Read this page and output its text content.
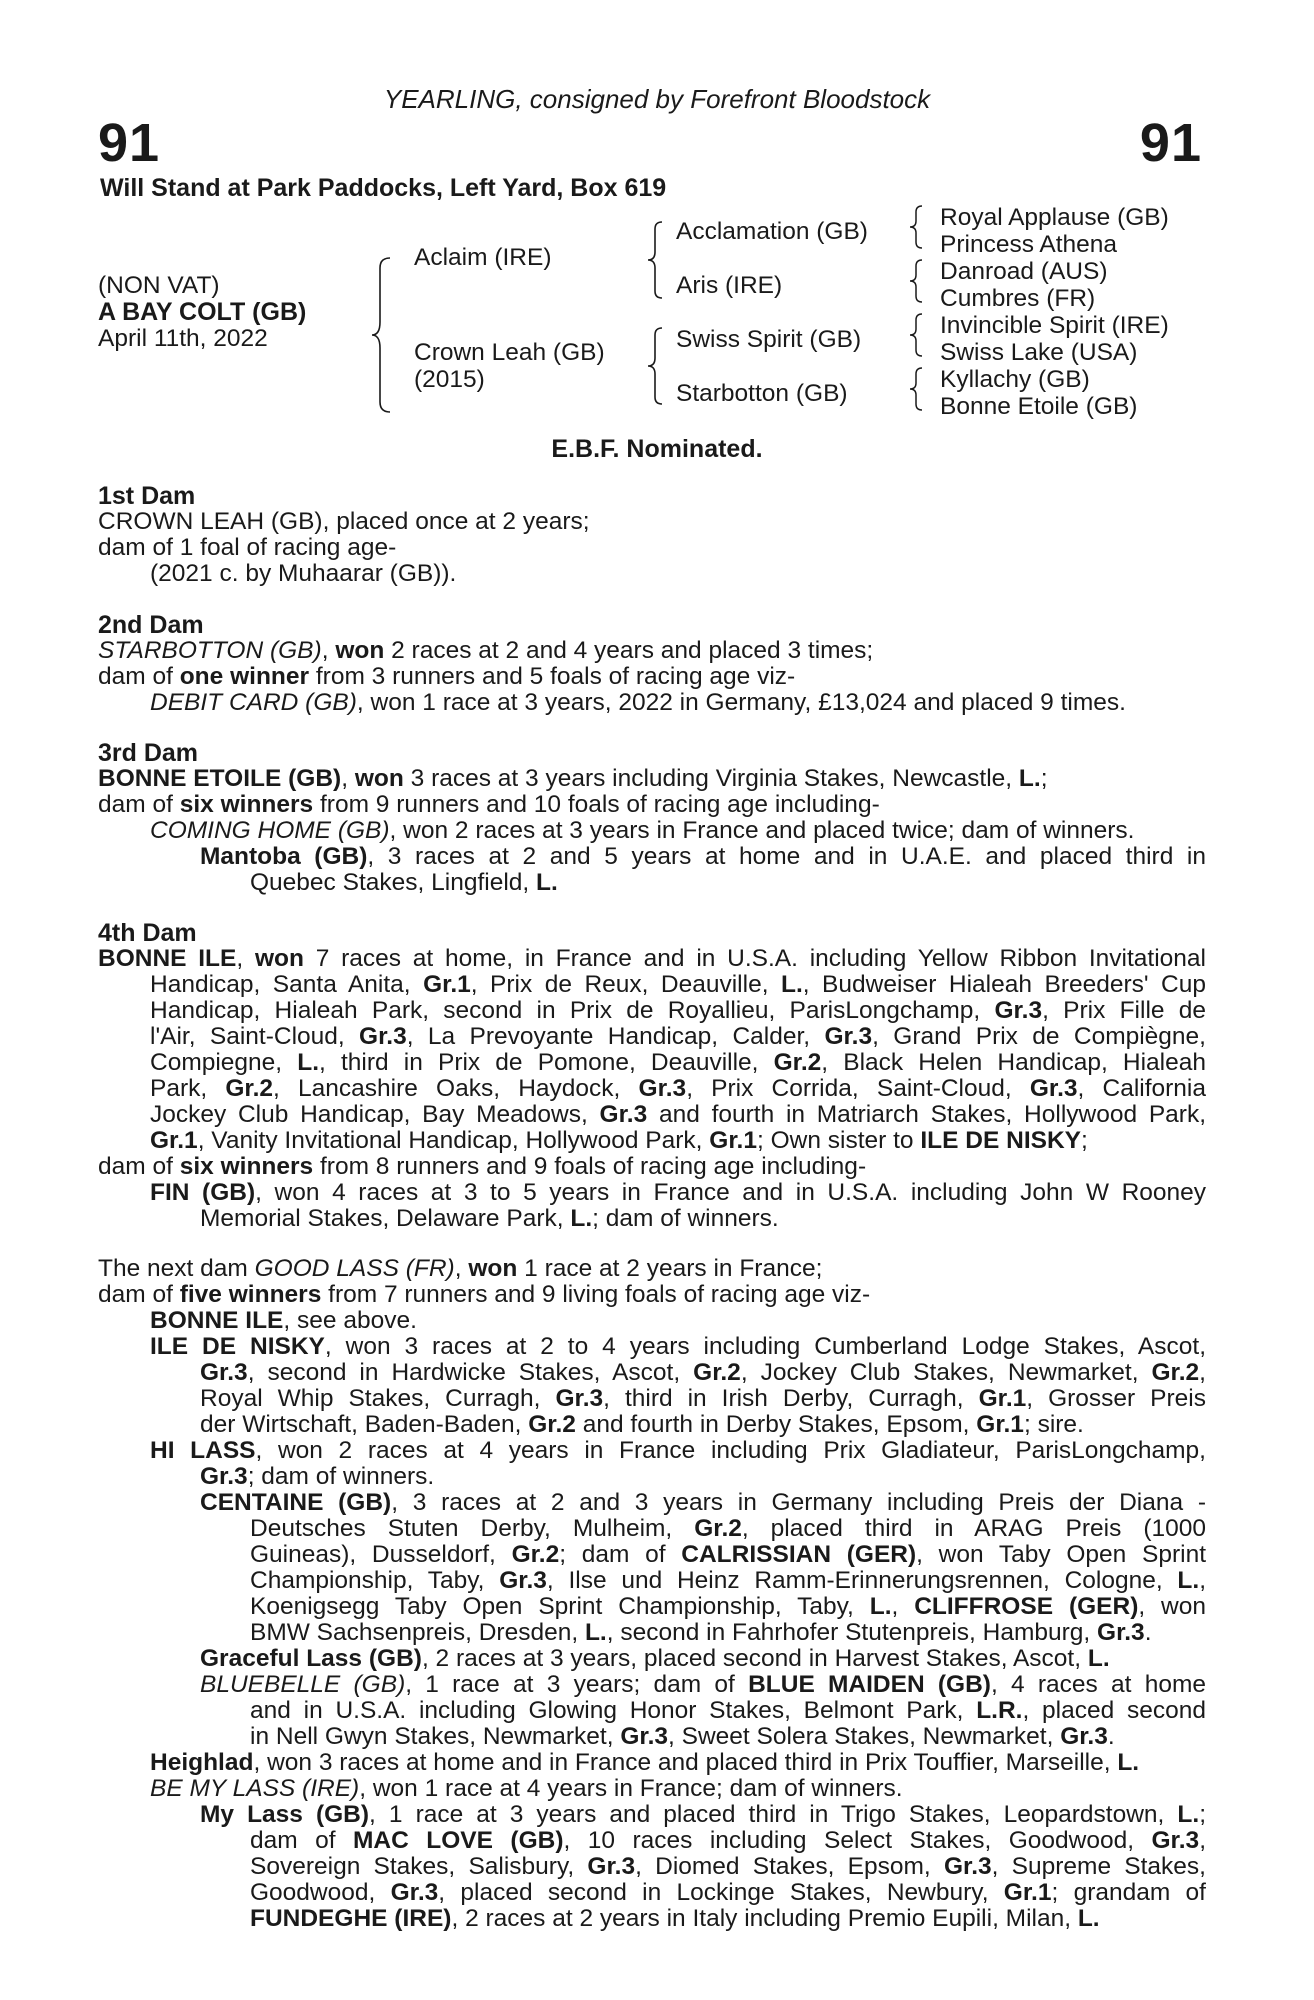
YEARLING, consigned by Forefront Bloodstock
91	91
Will Stand at Park Paddocks, Left Yard, Box 619
(NON VAT)
A BAY COLT (GB)
April 11th, 2022
Aclaim (IRE)
Crown Leah (GB)
(2015)
Acclamation (GB)
Aris (IRE)
Swiss Spirit (GB)
Starbotton (GB)
Royal Applause (GB)
Princess Athena
Danroad (AUS)
Cumbres (FR)
Invincible Spirit (IRE)
Swiss Lake (USA)
Kyllachy (GB)
Bonne Etoile (GB)
E.B.F. Nominated.
1st Dam
CROWN LEAH (GB), placed once at 2 years;
dam of 1 foal of racing age-
(2021 c. by Muhaarar (GB)).
2nd Dam
STARBOTTON (GB), won 2 races at 2 and 4 years and placed 3 times;
dam of one winner from 3 runners and 5 foals of racing age viz-
DEBIT CARD (GB), won 1 race at 3 years, 2022 in Germany, £13,024 and placed 9 times.
3rd Dam
BONNE ETOILE (GB), won 3 races at 3 years including Virginia Stakes, Newcastle, L.;
dam of six winners from 9 runners and 10 foals of racing age including-
COMING HOME (GB), won 2 races at 3 years in France and placed twice; dam of winners.
Mantoba (GB), 3 races at 2 and 5 years at home and in U.A.E. and placed third in
Quebec Stakes, Lingfield, L.
4th Dam
BONNE ILE, won 7 races at home, in France and in U.S.A. including Yellow Ribbon Invitational
Handicap, Santa Anita, Gr.1, Prix de Reux, Deauville, L., Budweiser Hialeah Breeders' Cup
Handicap, Hialeah Park, second in Prix de Royallieu, ParisLongchamp, Gr.3, Prix Fille de
l'Air, Saint-Cloud, Gr.3, La Prevoyante Handicap, Calder, Gr.3, Grand Prix de Compiègne,
Compiegne, L., third in Prix de Pomone, Deauville, Gr.2, Black Helen Handicap, Hialeah
Park, Gr.2, Lancashire Oaks, Haydock, Gr.3, Prix Corrida, Saint-Cloud, Gr.3, California
Jockey Club Handicap, Bay Meadows, Gr.3 and fourth in Matriarch Stakes, Hollywood Park,
Gr.1, Vanity Invitational Handicap, Hollywood Park, Gr.1; Own sister to ILE DE NISKY;
dam of six winners from 8 runners and 9 foals of racing age including-
FIN (GB), won 4 races at 3 to 5 years in France and in U.S.A. including John W Rooney
Memorial Stakes, Delaware Park, L.; dam of winners.
The next dam GOOD LASS (FR), won 1 race at 2 years in France;
dam of five winners from 7 runners and 9 living foals of racing age viz-
BONNE ILE, see above.
ILE DE NISKY, won 3 races at 2 to 4 years including Cumberland Lodge Stakes, Ascot,
Gr.3, second in Hardwicke Stakes, Ascot, Gr.2, Jockey Club Stakes, Newmarket, Gr.2,
Royal Whip Stakes, Curragh, Gr.3, third in Irish Derby, Curragh, Gr.1, Grosser Preis
der Wirtschaft, Baden-Baden, Gr.2 and fourth in Derby Stakes, Epsom, Gr.1; sire.
HI LASS, won 2 races at 4 years in France including Prix Gladiateur, ParisLongchamp,
Gr.3; dam of winners.
CENTAINE (GB), 3 races at 2 and 3 years in Germany including Preis der Diana -
Deutsches Stuten Derby, Mulheim, Gr.2, placed third in ARAG Preis (1000
Guineas), Dusseldorf, Gr.2; dam of CALRISSIAN (GER), won Taby Open Sprint
Championship, Taby, Gr.3, Ilse und Heinz Ramm-Erinnerungsrennen, Cologne, L.,
Koenigsegg Taby Open Sprint Championship, Taby, L., CLIFFROSE (GER), won
BMW Sachsenpreis, Dresden, L., second in Fahrhofer Stutenpreis, Hamburg, Gr.3.
Graceful Lass (GB), 2 races at 3 years, placed second in Harvest Stakes, Ascot, L.
BLUEBELLE (GB), 1 race at 3 years; dam of BLUE MAIDEN (GB), 4 races at home
and in U.S.A. including Glowing Honor Stakes, Belmont Park, L.R., placed second
in Nell Gwyn Stakes, Newmarket, Gr.3, Sweet Solera Stakes, Newmarket, Gr.3.
Heighlad, won 3 races at home and in France and placed third in Prix Touffier, Marseille, L.
BE MY LASS (IRE), won 1 race at 4 years in France; dam of winners.
My Lass (GB), 1 race at 3 years and placed third in Trigo Stakes, Leopardstown, L.;
dam of MAC LOVE (GB), 10 races including Select Stakes, Goodwood, Gr.3,
Sovereign Stakes, Salisbury, Gr.3, Diomed Stakes, Epsom, Gr.3, Supreme Stakes,
Goodwood, Gr.3, placed second in Lockinge Stakes, Newbury, Gr.1; grandam of
FUNDEGHE (IRE), 2 races at 2 years in Italy including Premio Eupili, Milan, L.
